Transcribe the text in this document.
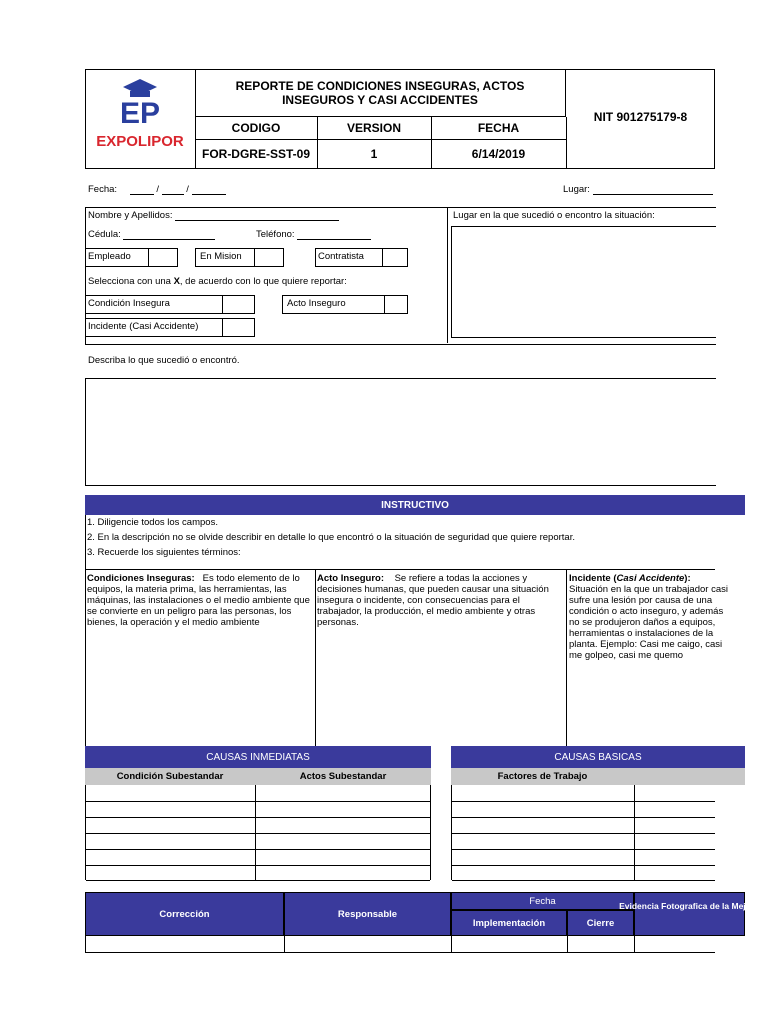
EP
EXPOLIPOR
REPORTE DE CONDICIONES INSEGURAS, ACTOS INSEGUROS Y CASI ACCIDENTES
CODIGO	VERSION	FECHA
FOR-DGRE-SST-09	1	6/14/2019
NIT 901275179-8
Fecha:	/	/	Lugar:
Nombre y Apellidos:
Cédula:	Teléfono:
Empleado	En Mision	Contratista
Selecciona con una X, de acuerdo con lo que quiere reportar:
Condición Insegura	Acto Inseguro
Incidente (Casi Accidente)
Lugar en la que sucedió o encontro la situación:
Describa lo que sucedió o encontró.
INSTRUCTIVO
1. Diligencie todos los campos.
2. En la descripción no se olvide describir en detalle lo que encontró o la situación de seguridad que quiere reportar.
3. Recuerde los siguientes términos:
Condiciones Inseguras: Es todo elemento de lo equipos, la materia prima, las herramientas, las máquinas, las instalaciones o el medio ambiente que se convierte en un peligro para las personas, los bienes, la operación y el medio ambiente
Acto Inseguro: Se refiere a todas la acciones y decisiones humanas, que pueden causar una situación insegura o incidente, con consecuencias para el trabajador, la producción, el medio ambiente y otras personas.
Incidente (Casi Accidente):
Situación en la que un trabajador casi sufre una lesión por causa de una condición o acto inseguro, y además no se produjeron daños a equipos, herramientas o instalaciones de la planta. Ejemplo: Casi me caigo, casi me golpeo, casi me quemo
CAUSAS INMEDIATAS	CAUSAS BASICAS
Condición Subestandar	Actos Subestandar	Factores de Trabajo
Corrección	Responsable
Fecha
Implementación	Cierre
Evidencia Fotografica de la Mejora
